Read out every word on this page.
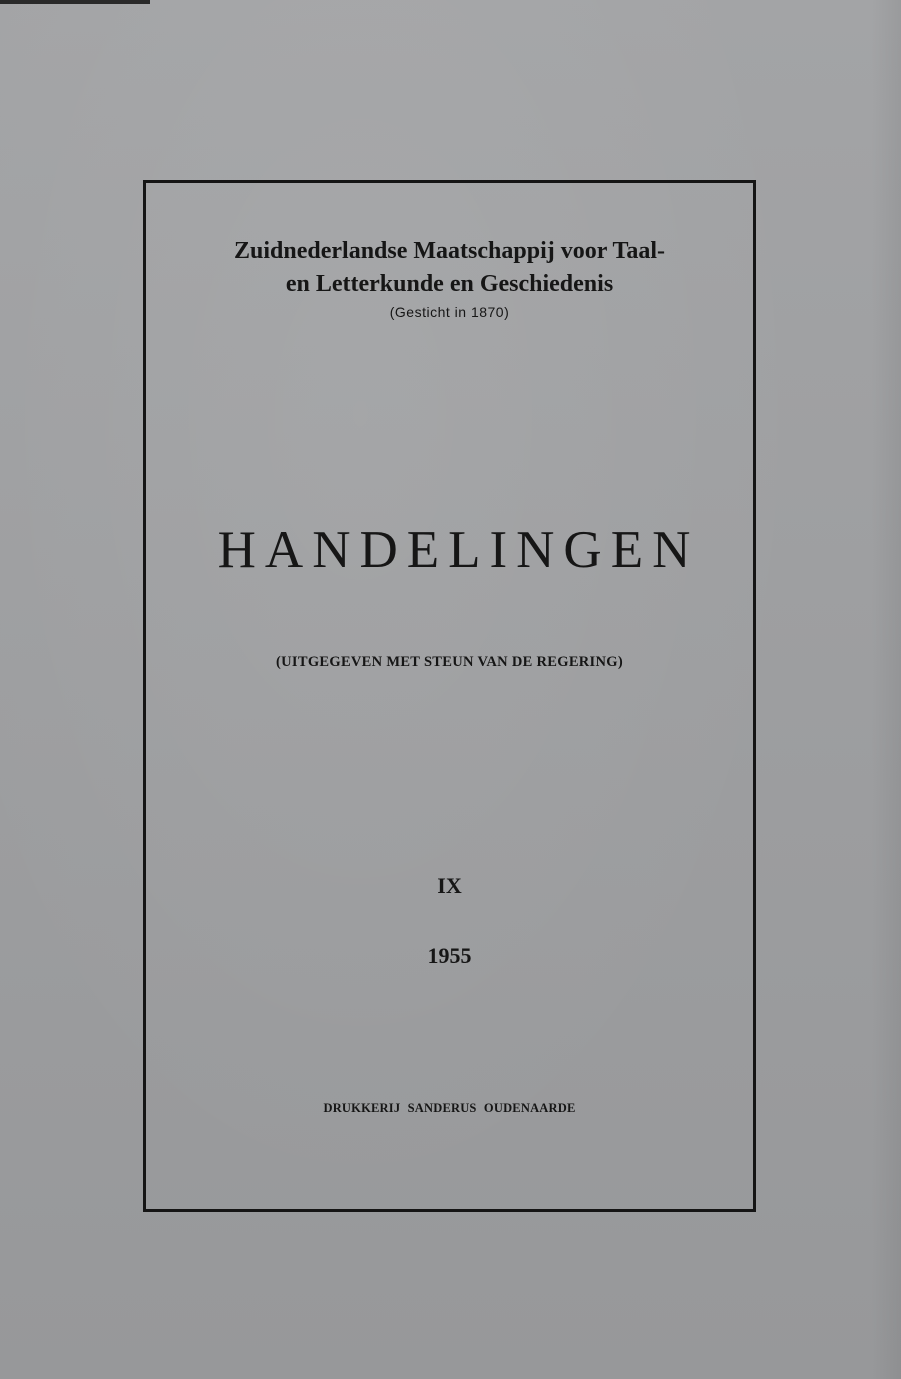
Zuidnederlandse Maatschappij voor Taal-
en Letterkunde en Geschiedenis
(Gesticht in 1870)
HANDELINGEN
(UITGEGEVEN MET STEUN VAN DE REGERING)
IX
1955
DRUKKERIJ SANDERUS OUDENAARDE
